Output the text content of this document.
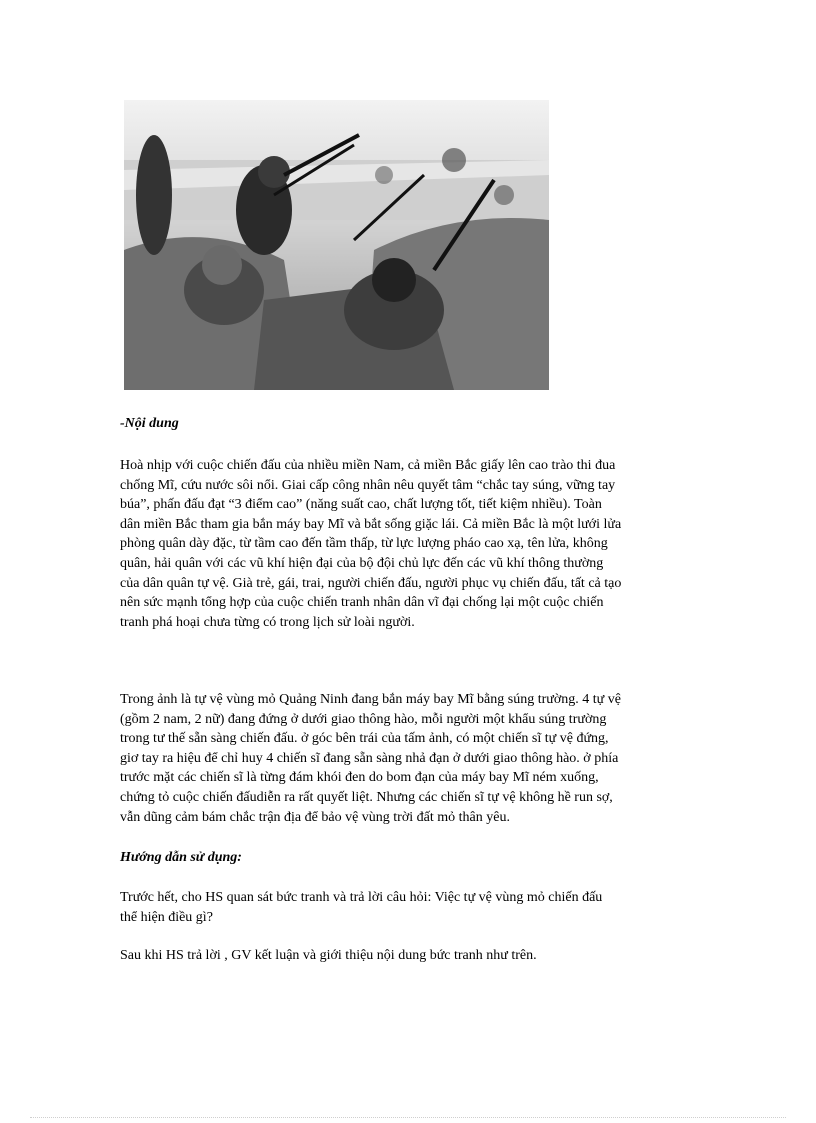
-Nội dung

Hoà nhịp với cuộc chiến đấu của nhiều miền Nam, cả miền Bắc giấy lên cao trào thi đua
chống Mĩ, cứu nước sôi nổi. Giai cấp công nhân nêu quyết tâm “chắc tay súng, vững tay
búa”, phấn đấu đạt “3 điểm cao” (năng suất cao, chất lượng tốt, tiết kiệm nhiều). Toàn
dân miền Bắc tham gia bắn máy bay Mĩ và bắt sống giặc lái. Cả miền Bắc là một lưới lửa
phòng quân dày đặc, từ tầm cao đến tầm thấp, từ lực lượng pháo cao xạ, tên lửa, không
quân, hải quân với các vũ khí hiện đại của bộ đội chủ lực đến các vũ khí thông thường
của dân quân tự vệ. Già trẻ, gái, trai, người chiến đấu, người phục vụ chiến đấu, tất cả tạo
nên sức mạnh tổng hợp của cuộc chiến tranh nhân dân vĩ đại chống lại một cuộc chiến
tranh phá hoại chưa từng có trong lịch sử loài người.

Trong ảnh là tự vệ vùng mỏ Quảng Ninh đang bắn máy bay Mĩ bằng súng trường. 4 tự vệ
(gồm 2 nam, 2 nữ) đang đứng ở dưới giao thông hào, mỗi người một khẩu súng trường
trong tư thế sẵn sàng chiến đấu. ở góc bên trái của tấm ảnh, có một chiến sĩ tự vệ đứng,
giơ tay ra hiệu để chỉ huy 4 chiến sĩ đang sẵn sàng nhả đạn ở dưới giao thông hào. ở phía
trước mặt các chiến sĩ là từng đám khói đen do bom đạn của máy bay Mĩ ném xuống,
chứng tỏ cuộc chiến đấudiễn ra rất quyết liệt. Nhưng các chiến sĩ tự vệ không hề run sợ,
vẫn dũng cảm bám chắc trận địa để bảo vệ vùng trời đất mỏ thân yêu.

Hướng dẫn sử dụng:

Trước hết, cho HS quan sát bức tranh và trả lời câu hỏi: Việc tự vệ vùng mỏ chiến đấu
thể hiện điều gì?

Sau khi HS trả lời , GV kết luận và giới thiệu nội dung bức tranh như trên.
